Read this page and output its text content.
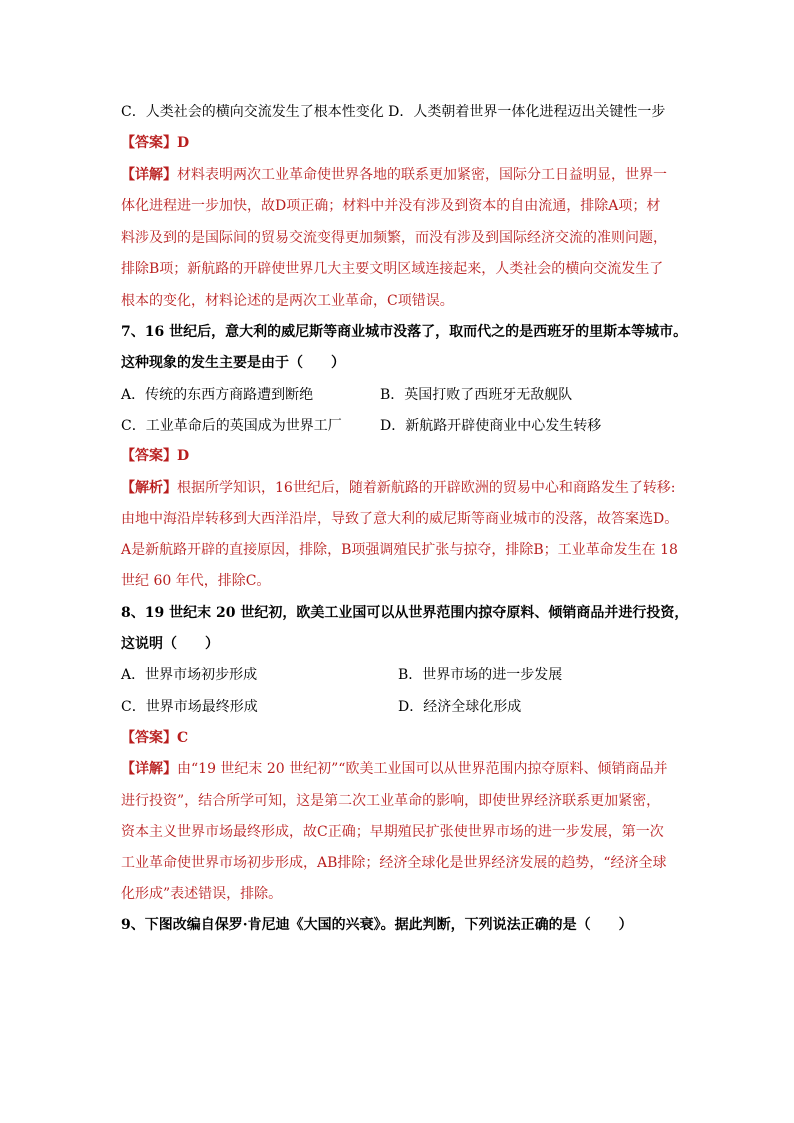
C．人类社会的横向交流发生了根本性变化 D．人类朝着世界一体化进程迈出关键性一步
【答案】D
【详解】材料表明两次工业革命使世界各地的联系更加紧密，国际分工日益明显，世界一
体化进程进一步加快，故D项正确；材料中并没有涉及到资本的自由流通，排除A项；材
料涉及到的是国际间的贸易交流变得更加频繁，而没有涉及到国际经济交流的准则问题，
排除B项；新航路的开辟使世界几大主要文明区域连接起来，人类社会的横向交流发生了
根本的变化，材料论述的是两次工业革命，C项错误。
7、16 世纪后，意大利的威尼斯等商业城市没落了，取而代之的是西班牙的里斯本等城市。
这种现象的发生主要是由于（　　）
A．传统的东西方商路遭到断绝	B．英国打败了西班牙无敌舰队
C．工业革命后的英国成为世界工厂	D．新航路开辟使商业中心发生转移
【答案】D
【解析】根据所学知识，16世纪后，随着新航路的开辟欧洲的贸易中心和商路发生了转移:
由地中海沿岸转移到大西洋沿岸，导致了意大利的威尼斯等商业城市的没落，故答案选D。
A是新航路开辟的直接原因，排除，B项强调殖民扩张与掠夺，排除B；工业革命发生在 18
世纪 60 年代，排除C。
8、19 世纪末 20 世纪初，欧美工业国可以从世界范围内掠夺原料、倾销商品并进行投资，
这说明（　　）
A．世界市场初步形成	B．世界市场的进一步发展
C．世界市场最终形成	D．经济全球化形成
【答案】C
【详解】由“19 世纪末 20 世纪初”“欧美工业国可以从世界范围内掠夺原料、倾销商品并
进行投资”，结合所学可知，这是第二次工业革命的影响，即使世界经济联系更加紧密，
资本主义世界市场最终形成，故C正确；早期殖民扩张使世界市场的进一步发展，第一次
工业革命使世界市场初步形成，AB排除；经济全球化是世界经济发展的趋势，“经济全球
化形成”表述错误，排除。
9、下图改编自保罗·肯尼迪《大国的兴衰》。据此判断，下列说法正确的是（　　）
